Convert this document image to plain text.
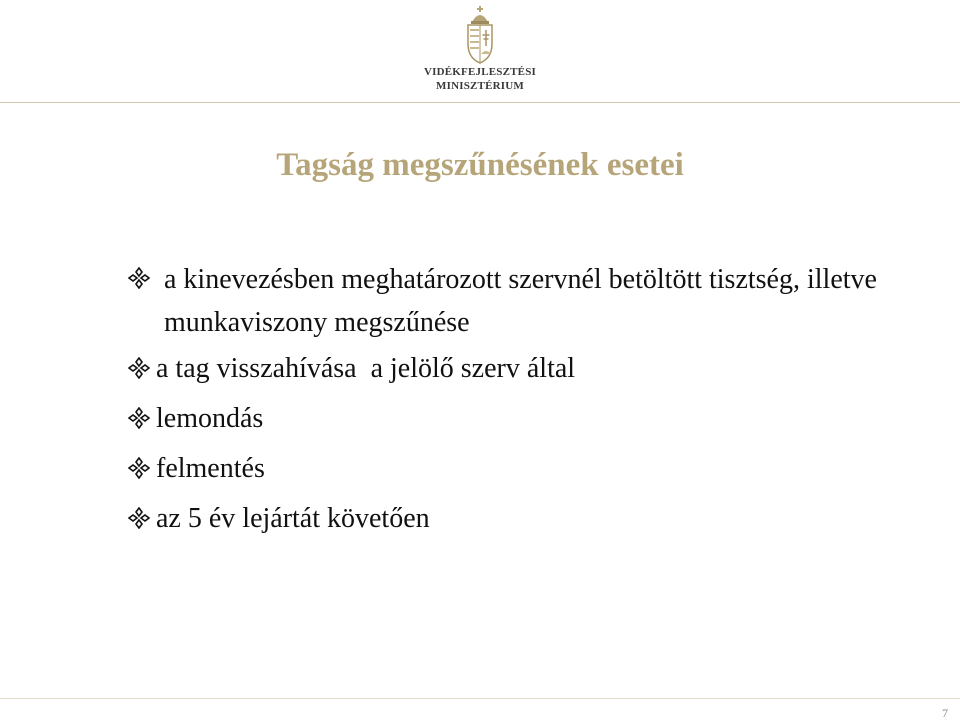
VIDÉKFEJLESZTÉSI
MINISZTÉRIUM
Tagság megszűnésének esetei
a kinevezésben meghatározott szervnél betöltött tisztség, illetve munkaviszony megszűnése
a tag visszahívása  a jelölő szerv által
lemondás
felmentés
az 5 év lejártát követően
7
